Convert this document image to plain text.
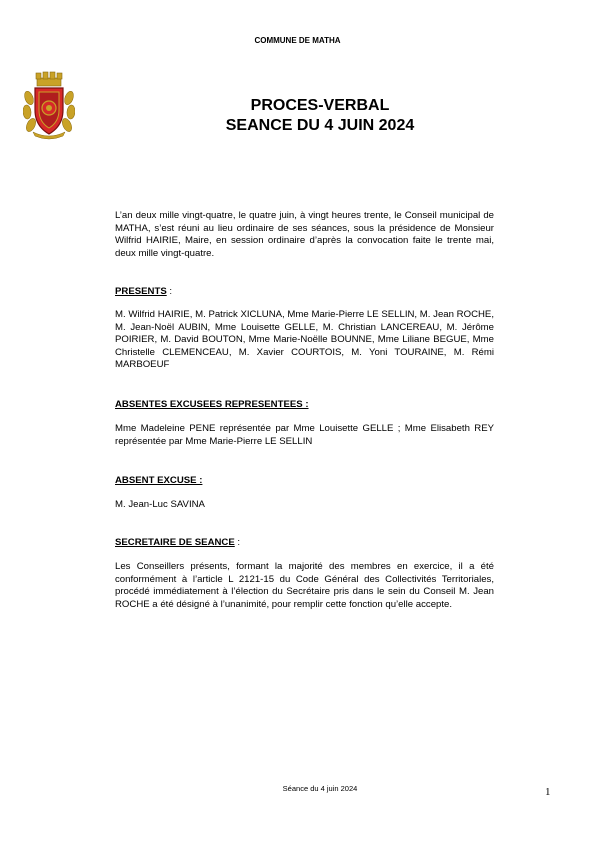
COMMUNE DE MATHA
PROCES-VERBAL
SEANCE DU 4 JUIN 2024
L’an deux mille vingt-quatre, le quatre juin, à vingt heures trente, le Conseil municipal de MATHA, s’est réuni au lieu ordinaire de ses séances, sous la présidence de Monsieur Wilfrid HAIRIE, Maire, en session ordinaire d’après la convocation faite le trente mai, deux mille vingt-quatre.
PRESENTS :
M. Wilfrid HAIRIE, M. Patrick XICLUNA, Mme Marie-Pierre LE SELLIN, M. Jean ROCHE, M. Jean-Noël AUBIN, Mme Louisette GELLE, M. Christian LANCEREAU, M. Jérôme POIRIER, M. David BOUTON, Mme Marie-Noëlle BOUNNE, Mme Liliane BEGUE, Mme Christelle CLEMENCEAU, M. Xavier COURTOIS, M. Yoni TOURAINE, M. Rémi MARBOEUF
ABSENTES EXCUSEES REPRESENTEES :
Mme Madeleine PENE représentée par Mme Louisette GELLE ; Mme Elisabeth REY représentée par Mme Marie-Pierre LE SELLIN
ABSENT EXCUSE :
M. Jean-Luc SAVINA
SECRETAIRE DE SEANCE :
Les Conseillers présents, formant la majorité des membres en exercice, il a été conformément à l’article L 2121-15 du Code Général des Collectivités Territoriales, procédé immédiatement à l’élection du Secrétaire pris dans le sein du Conseil M. Jean ROCHE a été désigné à l’unanimité, pour remplir cette fonction qu’elle accepte.
Séance du 4 juin 2024	1
